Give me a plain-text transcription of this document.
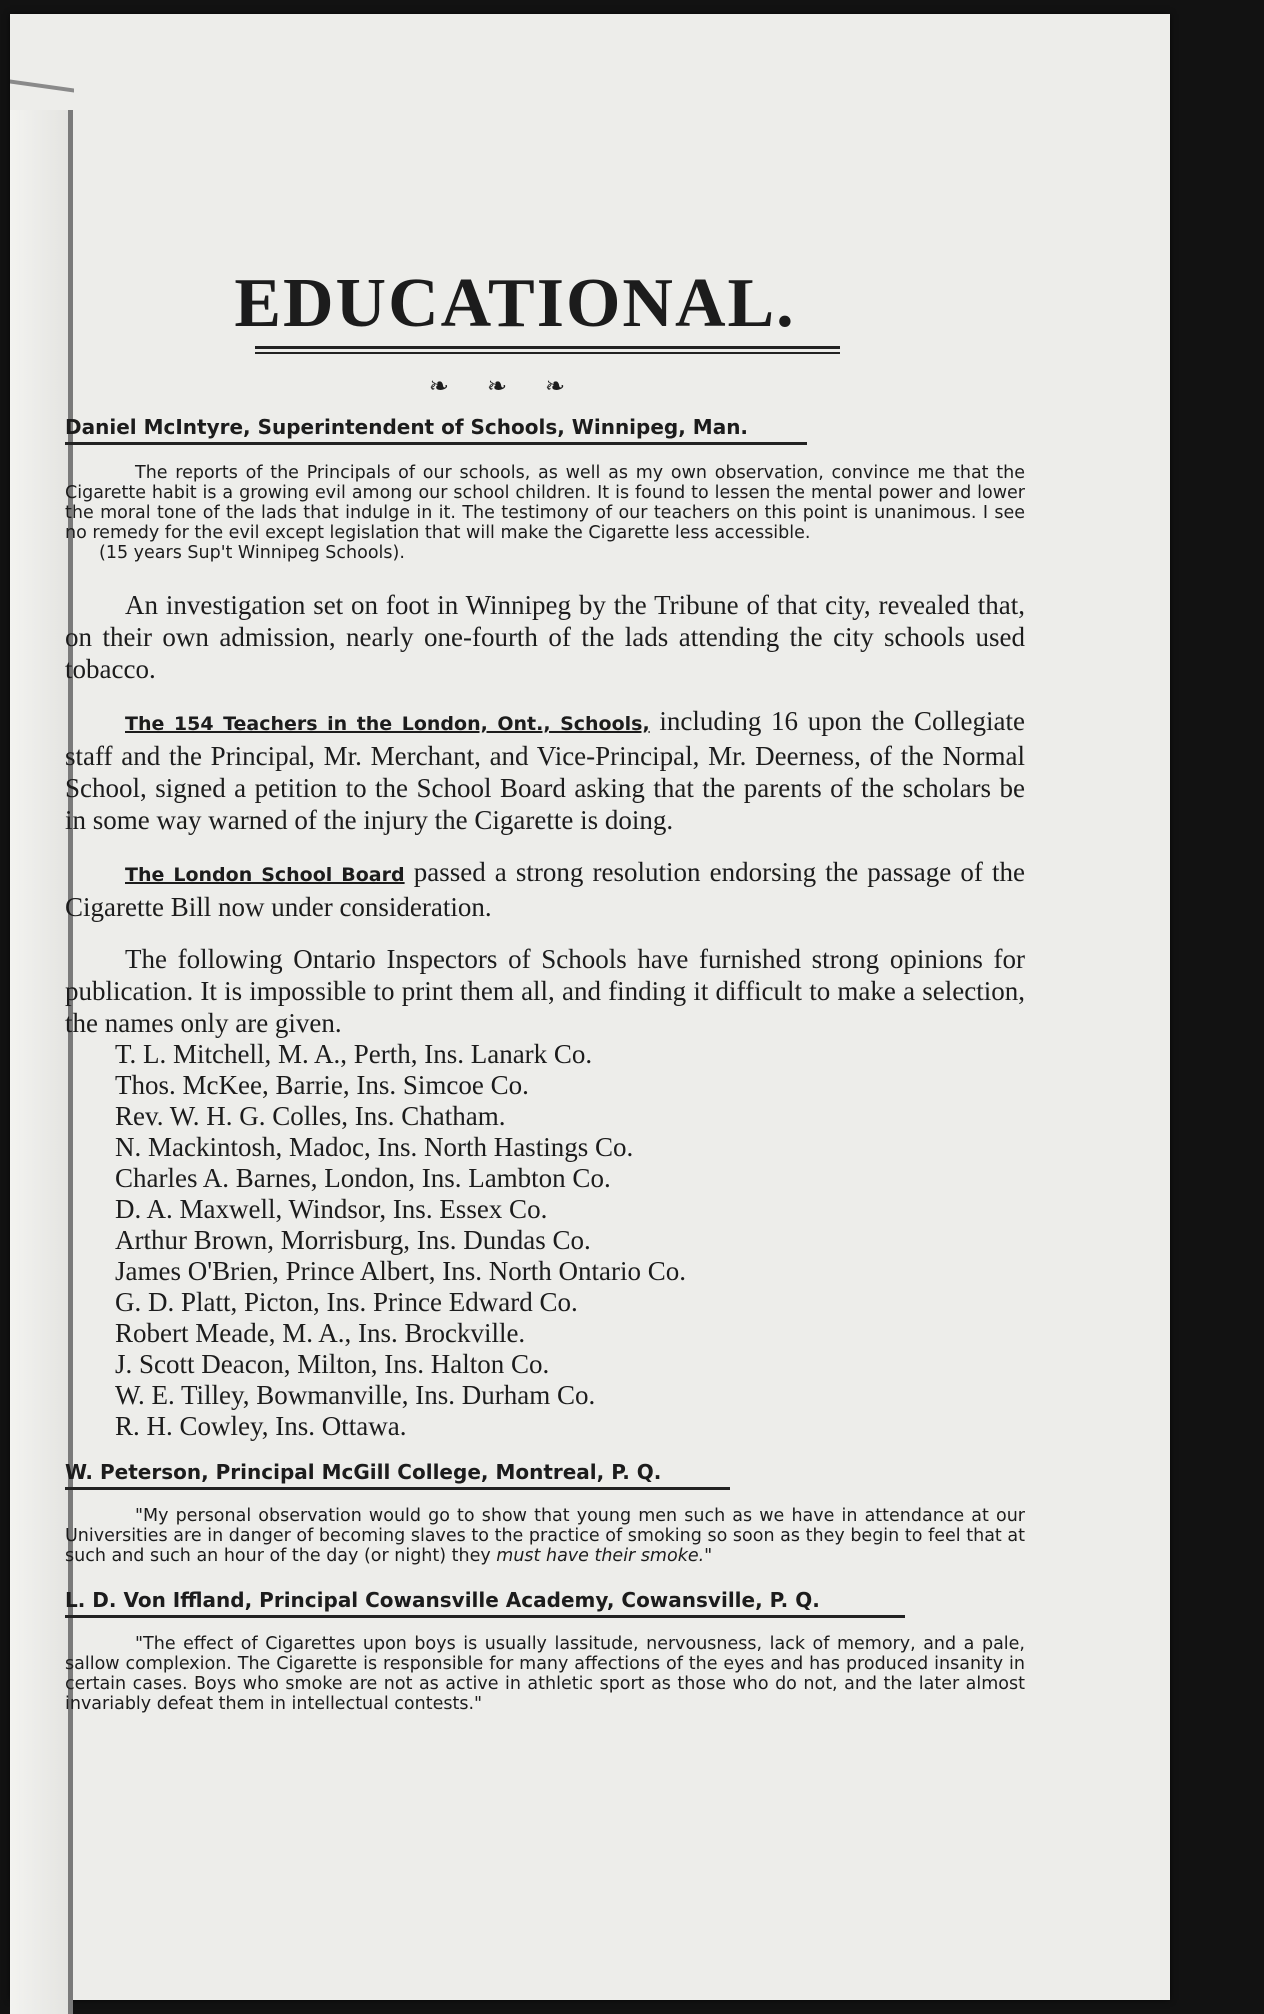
EDUCATIONAL.
❧ ❧ ❧
Daniel McIntyre, Superintendent of Schools, Winnipeg, Man.

The reports of the Principals of our schools, as well as my own observation, convince me that the Cigarette habit is a growing evil among our school children. It is found to lessen the mental power and lower the moral tone of the lads that indulge in it. The testimony of our teachers on this point is unanimous. I see no remedy for the evil except legislation that will make the Cigarette less accessible.

(15 years Sup't Winnipeg Schools).

An investigation set on foot in Winnipeg by the Tribune of that city, revealed that, on their own admission, nearly one-fourth of the lads attending the city schools used tobacco.

The 154 Teachers in the London, Ont., Schools, including 16 upon the Collegiate staff and the Principal, Mr. Merchant, and Vice-Principal, Mr. Deerness, of the Normal School, signed a petition to the School Board asking that the parents of the scholars be in some way warned of the injury the Cigarette is doing.

The London School Board passed a strong resolution endorsing the passage of the Cigarette Bill now under consideration.

The following Ontario Inspectors of Schools have furnished strong opinions for publication. It is impossible to print them all, and finding it difficult to make a selection, the names only are given.

T. L. Mitchell, M. A., Perth, Ins. Lanark Co.
Thos. McKee, Barrie, Ins. Simcoe Co.
Rev. W. H. G. Colles, Ins. Chatham.
N. Mackintosh, Madoc, Ins. North Hastings Co.
Charles A. Barnes, London, Ins. Lambton Co.
D. A. Maxwell, Windsor, Ins. Essex Co.
Arthur Brown, Morrisburg, Ins. Dundas Co.
James O'Brien, Prince Albert, Ins. North Ontario Co.
G. D. Platt, Picton, Ins. Prince Edward Co.
Robert Meade, M. A., Ins. Brockville.
J. Scott Deacon, Milton, Ins. Halton Co.
W. E. Tilley, Bowmanville, Ins. Durham Co.
R. H. Cowley, Ins. Ottawa.
W. Peterson, Principal McGill College, Montreal, P. Q.

"My personal observation would go to show that young men such as we have in attendance at our Universities are in danger of becoming slaves to the practice of smoking so soon as they begin to feel that at such and such an hour of the day (or night) they must have their smoke."

L. D. Von Iffland, Principal Cowansville Academy, Cowansville, P. Q.

"The effect of Cigarettes upon boys is usually lassitude, nervousness, lack of memory, and a pale, sallow complexion. The Cigarette is responsible for many affections of the eyes and has produced insanity in certain cases. Boys who smoke are not as active in athletic sport as those who do not, and the later almost invariably defeat them in intellectual contests."
